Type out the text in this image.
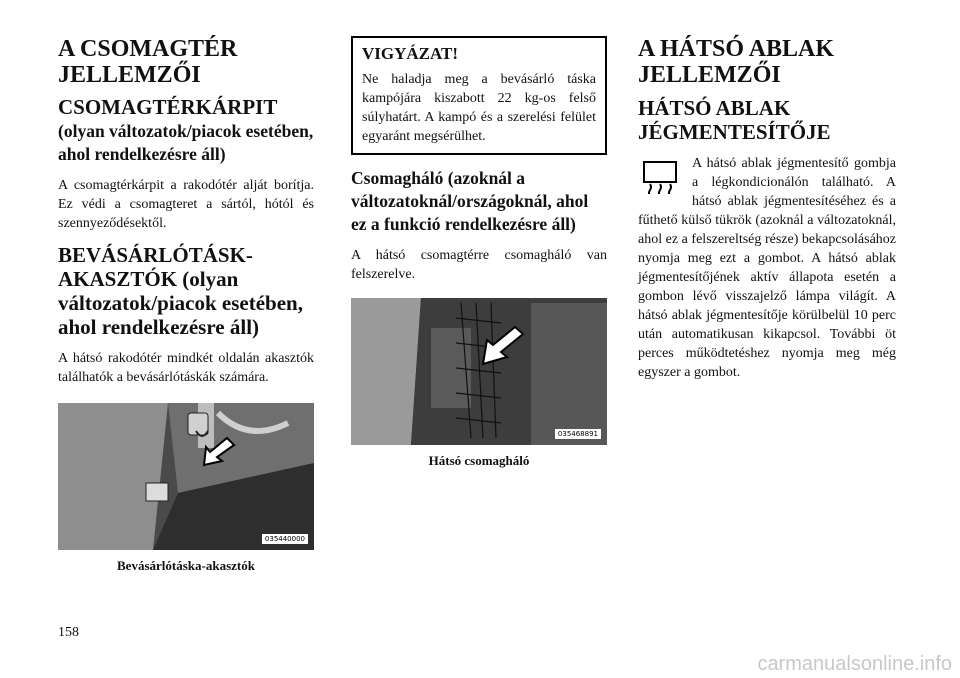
A CSOMAGTÉR JELLEMZŐI
CSOMAGTÉRKÁRPIT
(olyan változatok/piacok esetében, ahol rendelkezésre áll)

A csomagtérkárpit a rakodótér alját borítja. Ez védi a csomagteret a sártól, hótól és szennyeződésektől.

BEVÁSÁRLÓTÁSK-AKASZTÓK (olyan változatok/piacok esetében, ahol rendelkezésre áll)

A hátsó rakodótér mindkét oldalán akasztók találhatók a bevásárlótáskák számára.

035440000
Bevásárlótáska-akasztók
VIGYÁZAT!

Ne haladja meg a bevásárló táska kampójára kiszabott 22 kg-os felső súlyhatárt. A kampó és a szerelési felület egyaránt megsérülhet.

Csomagháló (azoknál a változatoknál/országoknál, ahol ez a funkció rendelkezésre áll)

A hátsó csomagtérre csomagháló van felszerelve.

035468891
Hátsó csomagháló
A HÁTSÓ ABLAK JELLEMZŐI
HÁTSÓ ABLAK JÉGMENTESÍTŐJE

A hátsó ablak jégmentesítő gombja a légkondicionálón található. A hátsó ablak jégmentesítéséhez és a fűthető külső tükrök (azoknál a változatoknál, ahol ez a felszereltség része) bekapcsolásához nyomja meg ezt a gombot. A hátsó ablak jégmentesítőjének aktív állapota esetén a gombon lévő visszajelző lámpa világít. A hátsó ablak jégmentesítője körülbelül 10 perc után automatikusan kikapcsol. További öt perces működtetéshez nyomja meg még egyszer a gombot.

158
carmanualsonline.info
